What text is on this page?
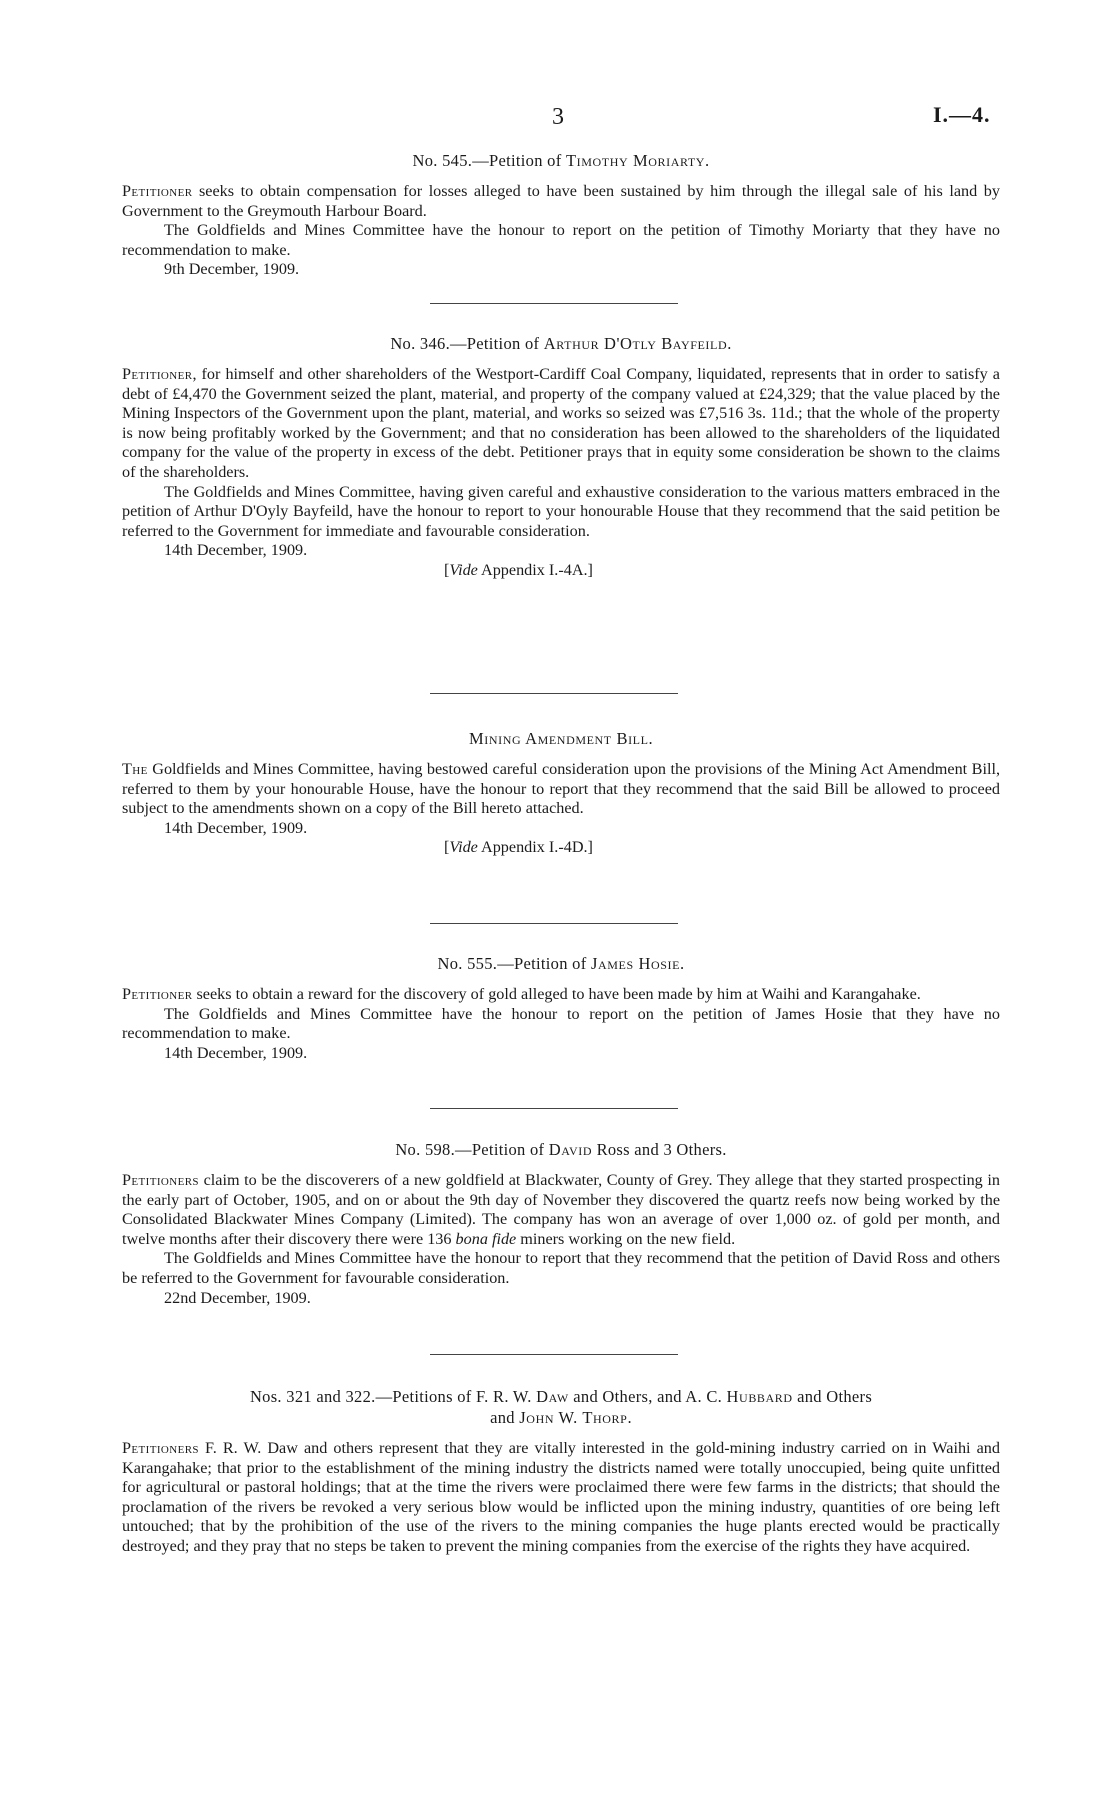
3	I.—4.
No. 545.—Petition of Timothy Moriarty.

Petitioner seeks to obtain compensation for losses alleged to have been sustained by him through the illegal sale of his land by Government to the Greymouth Harbour Board.

The Goldfields and Mines Committee have the honour to report on the petition of Timothy Moriarty that they have no recommendation to make.

9th December, 1909.

No. 346.—Petition of Arthur D'Otly Bayfeild.

Petitioner, for himself and other shareholders of the Westport-Cardiff Coal Company, liquidated, represents that in order to satisfy a debt of £4,470 the Government seized the plant, material, and property of the company valued at £24,329; that the value placed by the Mining Inspectors of the Government upon the plant, material, and works so seized was £7,516 3s. 11d.; that the whole of the property is now being profitably worked by the Government; and that no consideration has been allowed to the shareholders of the liquidated company for the value of the property in excess of the debt. Petitioner prays that in equity some consideration be shown to the claims of the shareholders.

The Goldfields and Mines Committee, having given careful and exhaustive consideration to the various matters embraced in the petition of Arthur D'Oyly Bayfeild, have the honour to report to your honourable House that they recommend that the said petition be referred to the Government for immediate and favourable consideration.

14th December, 1909.

[Vide Appendix I.-4A.]

Mining Amendment Bill.

The Goldfields and Mines Committee, having bestowed careful consideration upon the provisions of the Mining Act Amendment Bill, referred to them by your honourable House, have the honour to report that they recommend that the said Bill be allowed to proceed subject to the amendments shown on a copy of the Bill hereto attached.

14th December, 1909.

[Vide Appendix I.-4D.]

No. 555.—Petition of James Hosie.

Petitioner seeks to obtain a reward for the discovery of gold alleged to have been made by him at Waihi and Karangahake.

The Goldfields and Mines Committee have the honour to report on the petition of James Hosie that they have no recommendation to make.

14th December, 1909.

No. 598.—Petition of David Ross and 3 Others.

Petitioners claim to be the discoverers of a new goldfield at Blackwater, County of Grey. They allege that they started prospecting in the early part of October, 1905, and on or about the 9th day of November they discovered the quartz reefs now being worked by the Consolidated Blackwater Mines Company (Limited). The company has won an average of over 1,000 oz. of gold per month, and twelve months after their discovery there were 136 bona fide miners working on the new field.

The Goldfields and Mines Committee have the honour to report that they recommend that the petition of David Ross and others be referred to the Government for favourable consideration.

22nd December, 1909.

Nos. 321 and 322.—Petitions of F. R. W. Daw and Others, and A. C. Hubbard and Others
and John W. Thorp.

Petitioners F. R. W. Daw and others represent that they are vitally interested in the gold-mining industry carried on in Waihi and Karangahake; that prior to the establishment of the mining industry the districts named were totally unoccupied, being quite unfitted for agricultural or pastoral holdings; that at the time the rivers were proclaimed there were few farms in the districts; that should the proclamation of the rivers be revoked a very serious blow would be inflicted upon the mining industry, quantities of ore being left untouched; that by the prohibition of the use of the rivers to the mining companies the huge plants erected would be practically destroyed; and they pray that no steps be taken to prevent the mining companies from the exercise of the rights they have acquired.
